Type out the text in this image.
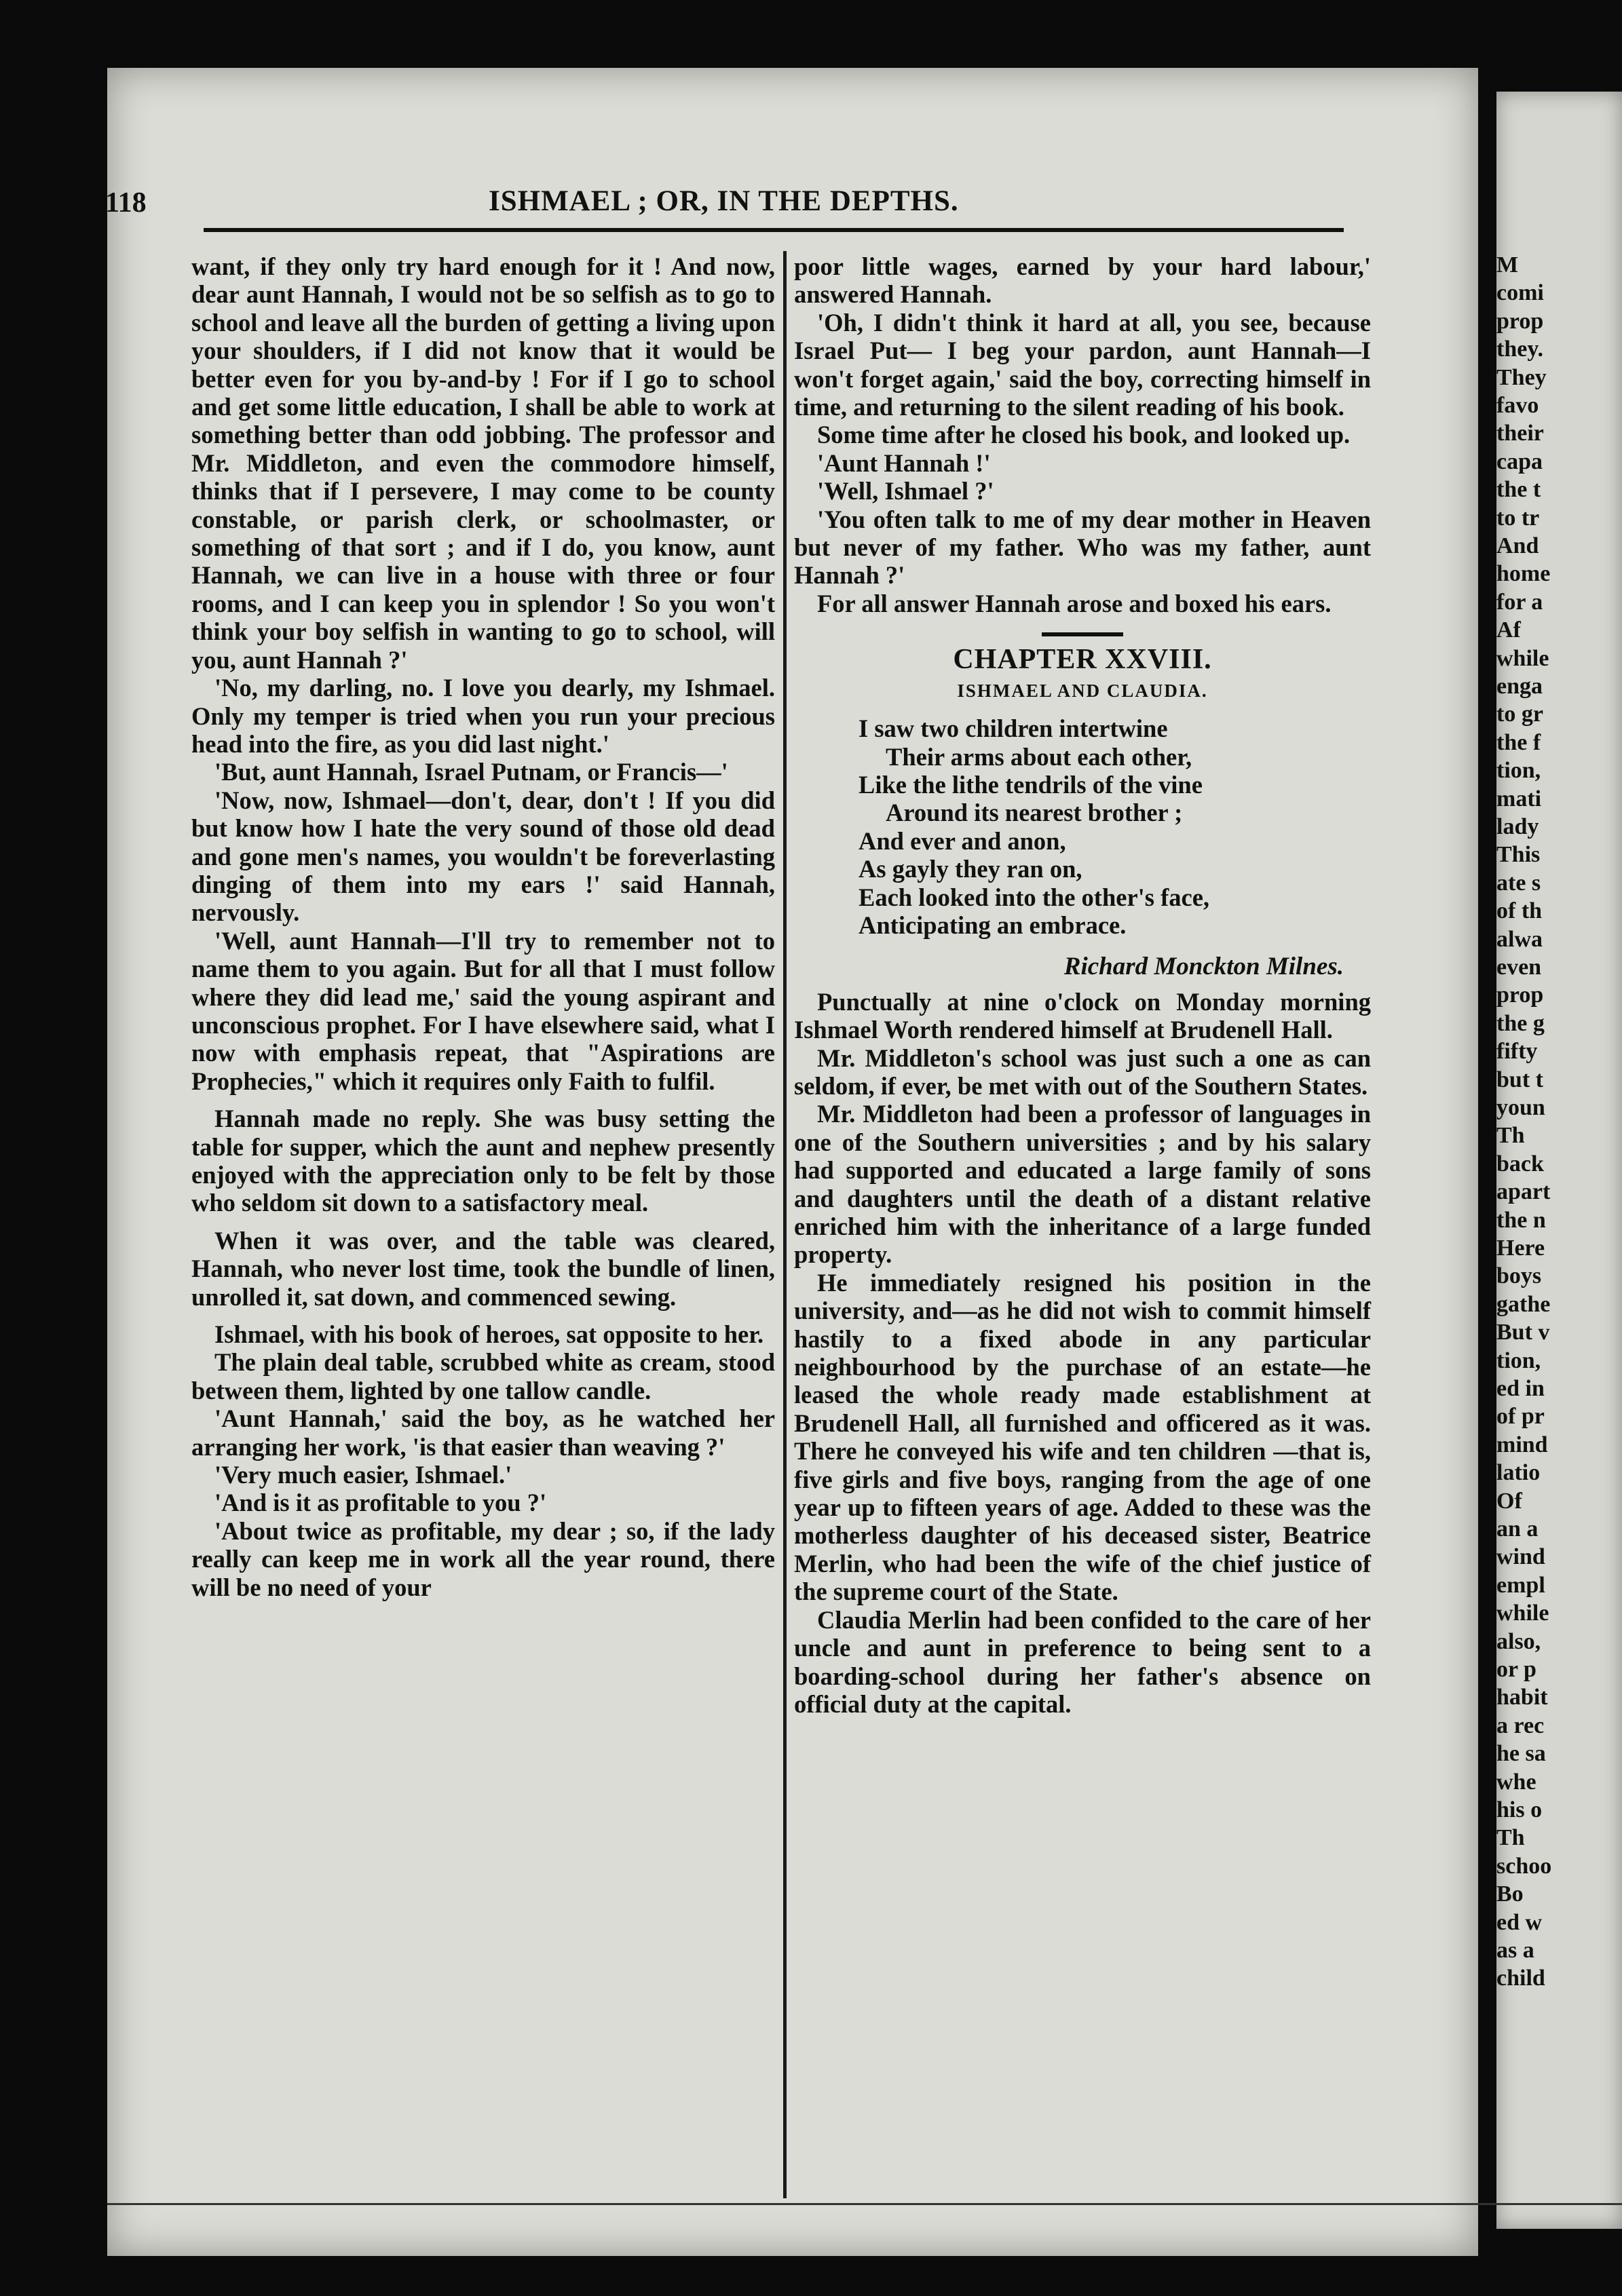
M
comi
prop
they.
They
favo
their
capa
the t
to tr
And
home
for a
Af
while
enga
to gr
the f
tion,
mati
lady
This
ate s
of th
alwa
even
prop
the g
fifty
but t
youn
Th
back
apart
the n
Here
boys
gathe
But v
tion,
ed in
of pr
mind
latio
Of
an a
wind
empl
while
also,
or p
habit
a rec
he sa
whe
his o
Th
schoo
Bo
ed w
as a
child
118	ISHMAEL ; OR, IN THE DEPTHS.

want, if they only try hard enough for it ! And now, dear aunt Hannah, I would not be so selfish as to go to school and leave all the burden of getting a living upon your shoulders, if I did not know that it would be better even for you by-and-by ! For if I go to school and get some little education, I shall be able to work at something better than odd jobbing. The professor and Mr. Middleton, and even the commodore himself, thinks that if I persevere, I may come to be county constable, or parish clerk, or schoolmaster, or something of that sort ; and if I do, you know, aunt Hannah, we can live in a house with three or four rooms, and I can keep you in splendor ! So you won't think your boy selfish in wanting to go to school, will you, aunt Hannah ?'

'No, my darling, no. I love you dearly, my Ishmael. Only my temper is tried when you run your precious head into the fire, as you did last night.'

'But, aunt Hannah, Israel Putnam, or Francis—'

'Now, now, Ishmael—don't, dear, don't ! If you did but know how I hate the very sound of those old dead and gone men's names, you wouldn't be foreverlasting dinging of them into my ears !' said Hannah, nervously.

'Well, aunt Hannah—I'll try to remember not to name them to you again. But for all that I must follow where they did lead me,' said the young aspirant and unconscious prophet. For I have elsewhere said, what I now with emphasis repeat, that "Aspirations are Prophecies," which it requires only Faith to fulfil.

Hannah made no reply. She was busy setting the table for supper, which the aunt and nephew presently enjoyed with the appreciation only to be felt by those who seldom sit down to a satisfactory meal.

When it was over, and the table was cleared, Hannah, who never lost time, took the bundle of linen, unrolled it, sat down, and commenced sewing.

Ishmael, with his book of heroes, sat opposite to her.

The plain deal table, scrubbed white as cream, stood between them, lighted by one tallow candle.

'Aunt Hannah,' said the boy, as he watched her arranging her work, 'is that easier than weaving ?'

'Very much easier, Ishmael.'

'And is it as profitable to you ?'

'About twice as profitable, my dear ; so, if the lady really can keep me in work all the year round, there will be no need of your

poor little wages, earned by your hard labour,' answered Hannah.

'Oh, I didn't think it hard at all, you see, because Israel Put— I beg your pardon, aunt Hannah—I won't forget again,' said the boy, correcting himself in time, and returning to the silent reading of his book.

Some time after he closed his book, and looked up.

'Aunt Hannah !'

'Well, Ishmael ?'

'You often talk to me of my dear mother in Heaven but never of my father. Who was my father, aunt Hannah ?'

For all answer Hannah arose and boxed his ears.

CHAPTER XXVIII.
ISHMAEL AND CLAUDIA.
I saw two children intertwine
Their arms about each other,
Like the lithe tendrils of the vine
Around its nearest brother ;
And ever and anon,
As gayly they ran on,
Each looked into the other's face,
Anticipating an embrace.
Richard Monckton Milnes.

Punctually at nine o'clock on Monday morning Ishmael Worth rendered himself at Brudenell Hall.

Mr. Middleton's school was just such a one as can seldom, if ever, be met with out of the Southern States.

Mr. Middleton had been a professor of languages in one of the Southern universities ; and by his salary had supported and educated a large family of sons and daughters until the death of a distant relative enriched him with the inheritance of a large funded property.

He immediately resigned his position in the university, and—as he did not wish to commit himself hastily to a fixed abode in any particular neighbourhood by the purchase of an estate—he leased the whole ready made establishment at Brudenell Hall, all furnished and officered as it was. There he conveyed his wife and ten children —that is, five girls and five boys, ranging from the age of one year up to fifteen years of age. Added to these was the motherless daughter of his deceased sister, Beatrice Merlin, who had been the wife of the chief justice of the supreme court of the State.

Claudia Merlin had been confided to the care of her uncle and aunt in preference to being sent to a boarding-school during her father's absence on official duty at the capital.
